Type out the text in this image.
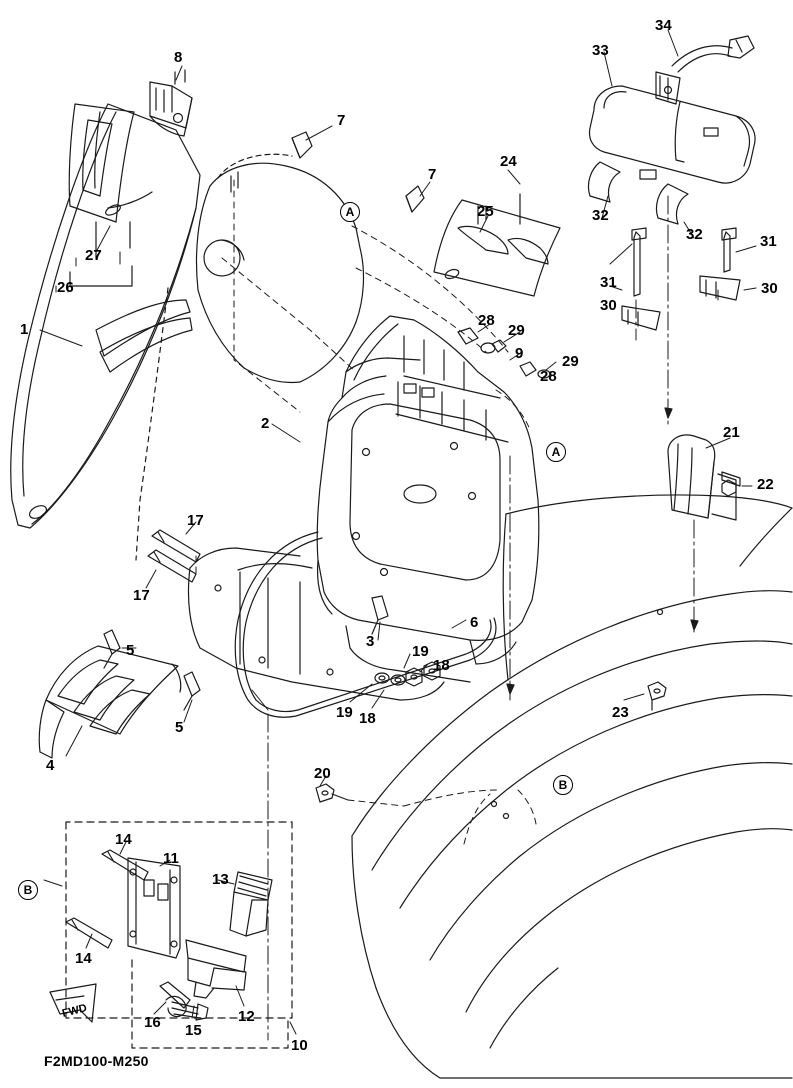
A
A
B
B
1
2
3
4
5
5
6
7
7
8
9
10
11
12
13
14
14
15
16
17
17
18
18
19
19
20
21
22
23
24
25
26
27
28
28
29
29
30
30
31
31
32
32
33
34
FWD
F2MD100-M250
